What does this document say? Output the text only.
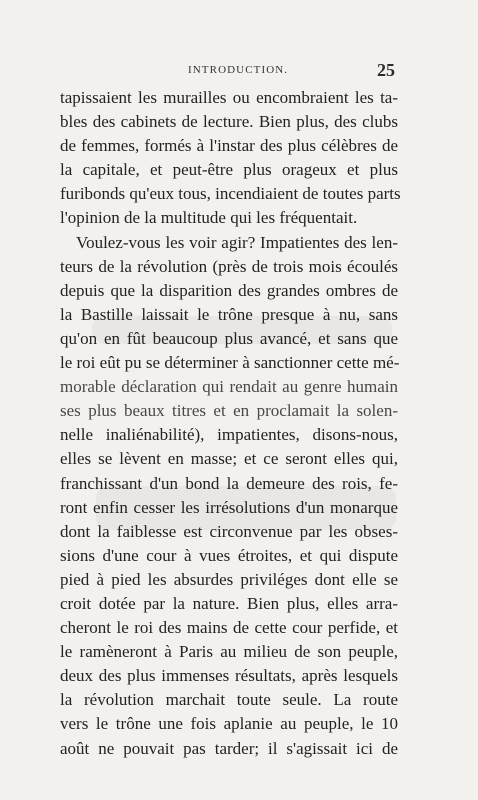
INTRODUCTION.	25
tapissaient les murailles ou encombraient les ta-
bles des cabinets de lecture. Bien plus, des clubs
de femmes, formés à l'instar des plus célèbres de
la capitale, et peut-être plus orageux et plus
furibonds qu'eux tous, incendiaient de toutes parts
l'opinion de la multitude qui les fréquentait.
Voulez-vous les voir agir? Impatientes des len-
teurs de la révolution (près de trois mois écoulés
depuis que la disparition des grandes ombres de
la Bastille laissait le trône presque à nu, sans
qu'on en fût beaucoup plus avancé, et sans que
le roi eût pu se déterminer à sanctionner cette mé-
morable déclaration qui rendait au genre humain
ses plus beaux titres et en proclamait la solen-
nelle inaliénabilité), impatientes, disons-nous,
elles se lèvent en masse; et ce seront elles qui,
franchissant d'un bond la demeure des rois, fe-
ront enfin cesser les irrésolutions d'un monarque
dont la faiblesse est circonvenue par les obses-
sions d'une cour à vues étroites, et qui dispute
pied à pied les absurdes priviléges dont elle se
croit dotée par la nature. Bien plus, elles arra-
cheront le roi des mains de cette cour perfide, et
le ramèneront à Paris au milieu de son peuple,
deux des plus immenses résultats, après lesquels
la révolution marchait toute seule. La route
vers le trône une fois aplanie au peuple, le 10
août ne pouvait pas tarder; il s'agissait ici de
